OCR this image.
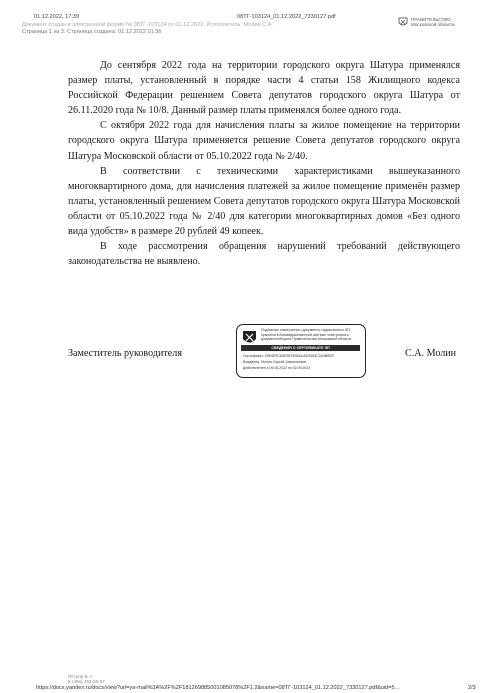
01.12.2022, 17:39	08ТГ-103124_01.12.2022_7330127.pdf
Документ создан в электронной форме № 08ТГ-103124 от 01.12.2022. Исполнитель: Молин С.А.
Страница 1 из 2. Страница создана: 01.12.2022 01:36
ПРАВИТЕЛЬСТВО
Московской области

До сентября 2022 года на территории городского округа Шатура применялся размер платы, установленный в порядке части 4 статьи 158 Жилищного кодекса Российской Федерации решением Совета депутатов городского округа Шатура от 26.11.2020 года № 10/8. Данный размер платы применялся более одного года.

С октября 2022 года для начисления платы за жилое помещение на территории городского округа Шатура применяется решение Совета депутатов городского округа Шатура Московской области от 05.10.2022 года № 2/40.

В соответствии с техническими характеристиками вышеуказанного многоквартирного дома, для начисления платежей за жилое помещение применён размер платы, установленный решением Совета депутатов городского округа Шатура Московской области от 05.10.2022 года № 2/40 для категории многоквартирных домов «Без одного вида удобств» в размере 20 рублей 49 копеек.

В ходе рассмотрения обращения нарушений требований действующего законодательства не выявлено.

Заместитель руководителя
Подлинник электронного документа, подписанного ЭП, хранится в Межведомственной системе электронного документооборота Правительства Московской области
СВЕДЕНИЯ О СЕРТИФИКАТЕ ЭП
Сертификат: 00E0E9CA9E3EF84451/AD2063C2A4BBDF
Владелец: Молин Сергей Анатольевич
Действителен с 09.06.2022 по 02.09.2023
С.А. Молин
Петров В. Г.
8 (496) 452-20-07
https://docs.yandex.ru/docs/view?url=ya-mail%3A%2F%2F181269885001085078%2F1.2&name=08ТГ-103124_01.12.2022_7330127.pdf&uid=5...	2/3
